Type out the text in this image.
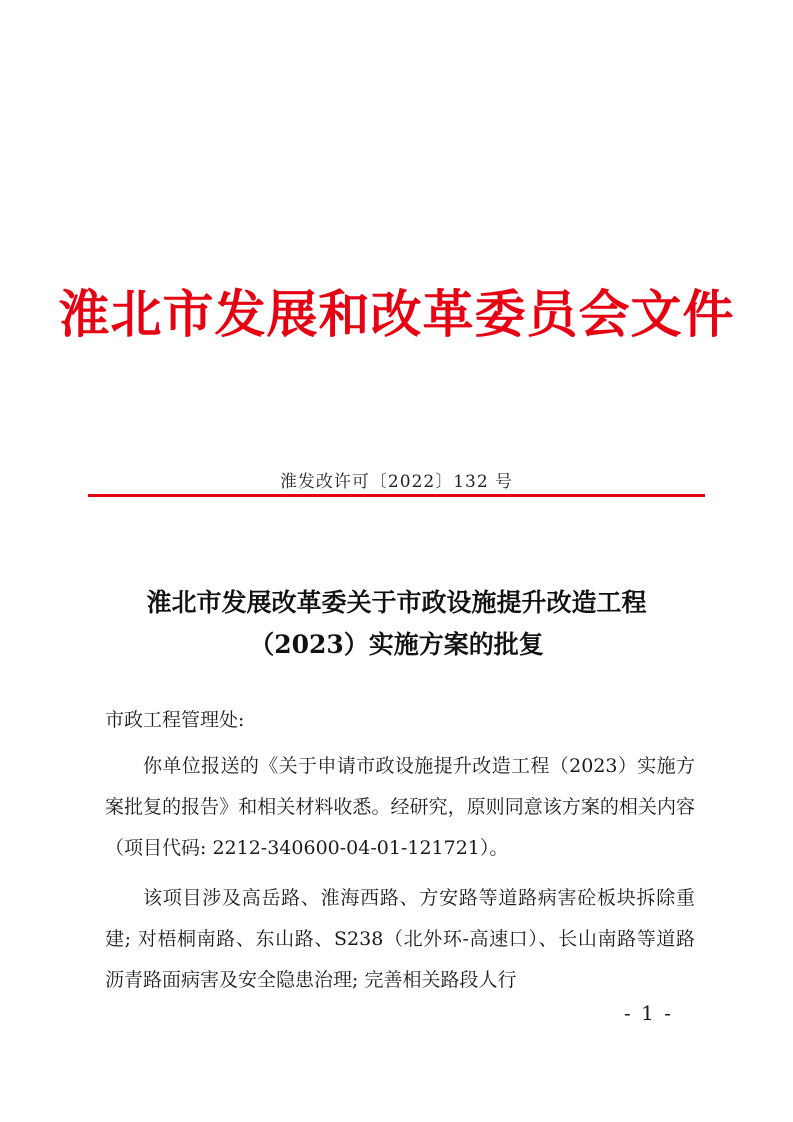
淮北市发展和改革委员会文件
淮发改许可〔2022〕132 号
淮北市发展改革委关于市政设施提升改造工程
（2023）实施方案的批复
市政工程管理处:

你单位报送的《关于申请市政设施提升改造工程（2023）实施方案批复的报告》和相关材料收悉。经研究，原则同意该方案的相关内容（项目代码: 2212-340600-04-01-121721）。

该项目涉及高岳路、淮海西路、方安路等道路病害砼板块拆除重建; 对梧桐南路、东山路、S238（北外环-高速口）、长山南路等道路沥青路面病害及安全隐患治理; 完善相关路段人行

- 1 -
